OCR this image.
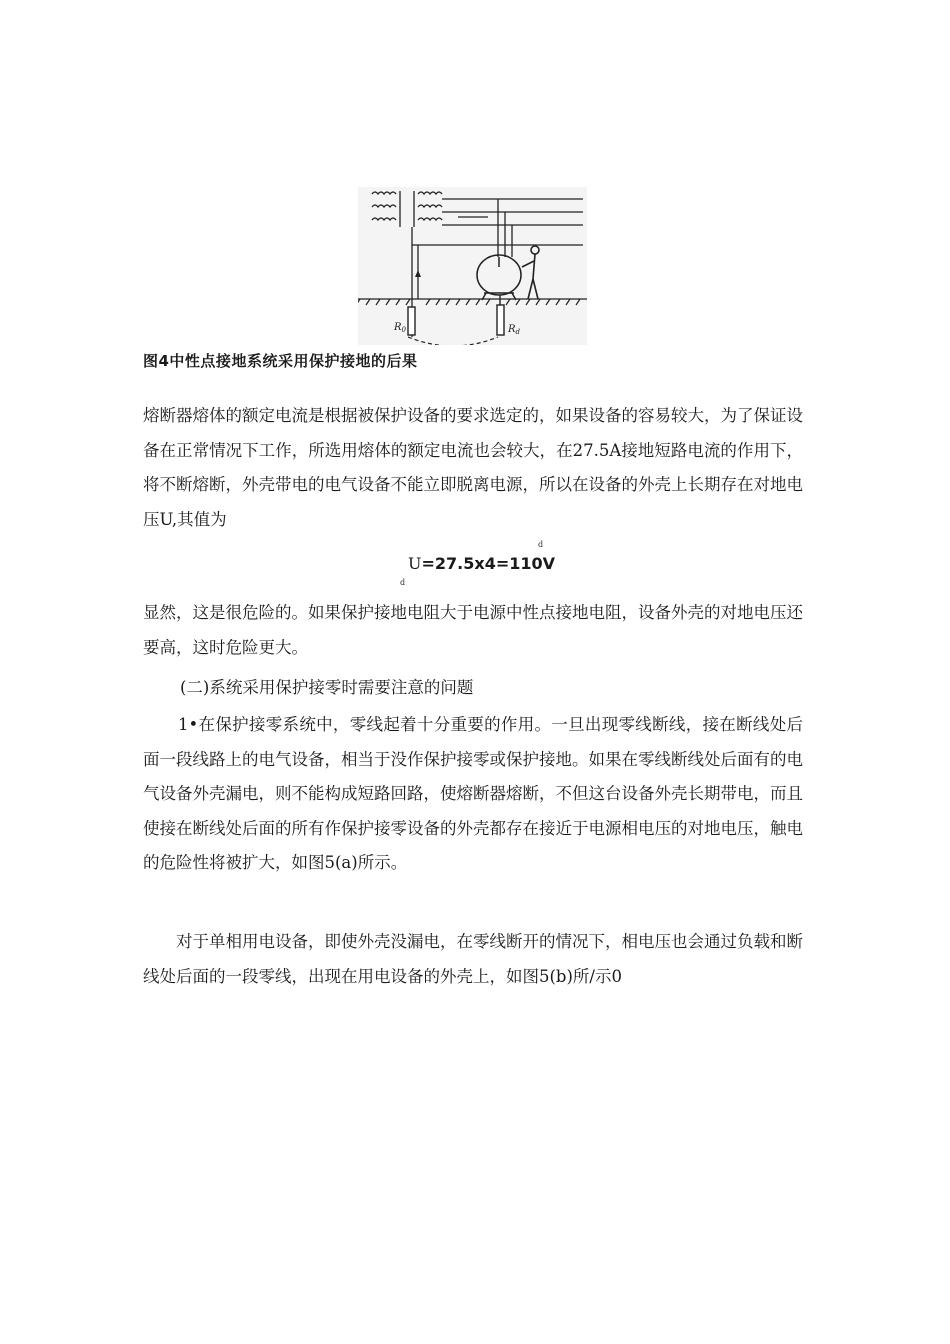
$R_0$	$R_d$
图4中性点接地系统采用保护接地的后果

熔断器熔体的额定电流是根据被保护设备的要求选定的，如果设备的容易较大，为了保证设备在正常情况下工作，所选用熔体的额定电流也会较大，在27.5A接地短路电流的作用下，将不断熔断，外壳带电的电气设备不能立即脱离电源，所以在设备的外壳上长期存在对地电压U,其值为

d
U=27.5x4=110V
d

显然，这是很危险的。如果保护接地电阻大于电源中性点接地电阻，设备外壳的对地电压还要高，这时危险更大。

(二)系统采用保护接零时需要注意的问题

1•在保护接零系统中，零线起着十分重要的作用。一旦出现零线断线，接在断线处后面一段线路上的电气设备，相当于没作保护接零或保护接地。如果在零线断线处后面有的电气设备外壳漏电，则不能构成短路回路，使熔断器熔断，不但这台设备外壳长期带电，而且使接在断线处后面的所有作保护接零设备的外壳都存在接近于电源相电压的对地电压，触电的危险性将被扩大，如图5(a)所示。

对于单相用电设备，即使外壳没漏电，在零线断开的情况下，相电压也会通过负载和断线处后面的一段零线，出现在用电设备的外壳上，如图5(b)所/示0
